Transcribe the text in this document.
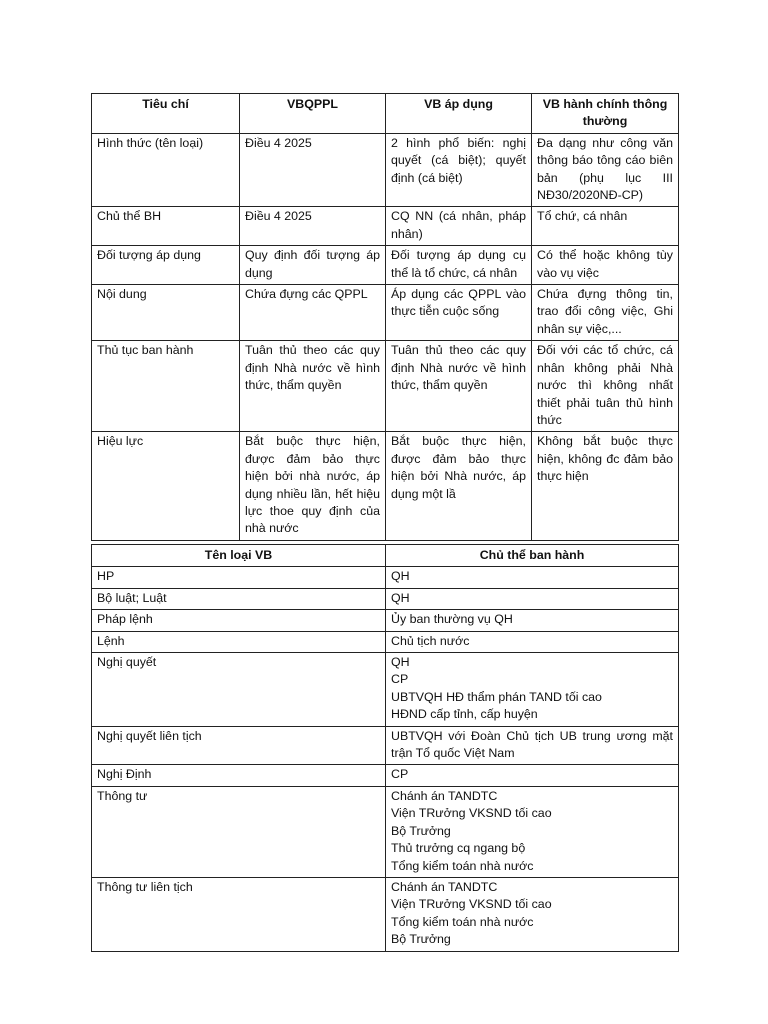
Tiêu chí	VBQPPL	VB áp dụng	VB hành chính thông thường
Hình thức (tên loại)	Điều 4 2025	2 hình phổ biến: nghị quyết (cá biệt); quyết định (cá biệt)	Đa dạng như công văn thông báo tông cáo biên bản (phụ lục III NĐ30/2020NĐ-CP)
Chủ thể BH	Điều 4 2025	CQ NN (cá nhân, pháp nhân)	Tổ chứ, cá nhân
Đối tượng áp dụng	Quy định đối tượng áp dụng	Đối tượng áp dụng cụ thể là tổ chức, cá nhân	Có thể hoặc không tùy vào vụ việc
Nội dung	Chứa đựng các QPPL	Áp dụng các QPPL vào thực tiễn cuộc sống	Chứa đựng thông tin, trao đổi công việc, Ghi nhân sự việc,...
Thủ tục ban hành	Tuân thủ theo các quy định Nhà nước về hình thức, thẩm quyền	Tuân thủ theo các quy định Nhà nước về hình thức, thẩm quyền	Đối với các tổ chức, cá nhân không phải Nhà nước thì không nhất thiết phải tuân thủ hình thức
Hiệu lực	Bắt buộc thực hiện, được đảm bảo thực hiện bởi nhà nước, áp dụng nhiều lần, hết hiệu lực thoe quy định của nhà nước	Bắt buộc thực hiện, được đảm bảo thực hiện bởi Nhà nước, áp dụng một lầ	Không bắt buộc thực hiện, không đc đảm bảo thực hiện
Tên loại VB	Chủ thể ban hành
HP	QH

Bộ luật; Luật	QH

Pháp lệnh	Ủy ban thường vụ QH

Lệnh	Chủ tịch nước

Nghị quyết	QH
CP
UBTVQH HĐ thẩm phán TAND tối cao
HĐND cấp tỉnh, cấp huyện

Nghị quyết liên tịch	UBTVQH với Đoàn Chủ tịch UB trung ương mặt trận Tổ quốc Việt Nam

Nghị Định	CP

Thông tư	Chánh án TANDTC
Viện TRưởng VKSND tối cao
Bộ Trưởng
Thủ trưởng cq ngang bộ
Tổng kiểm toán nhà nước

Thông tư liên tịch	Chánh án TANDTC
Viện TRưởng VKSND tối cao
Tổng kiểm toán nhà nước
Bộ Trưởng
